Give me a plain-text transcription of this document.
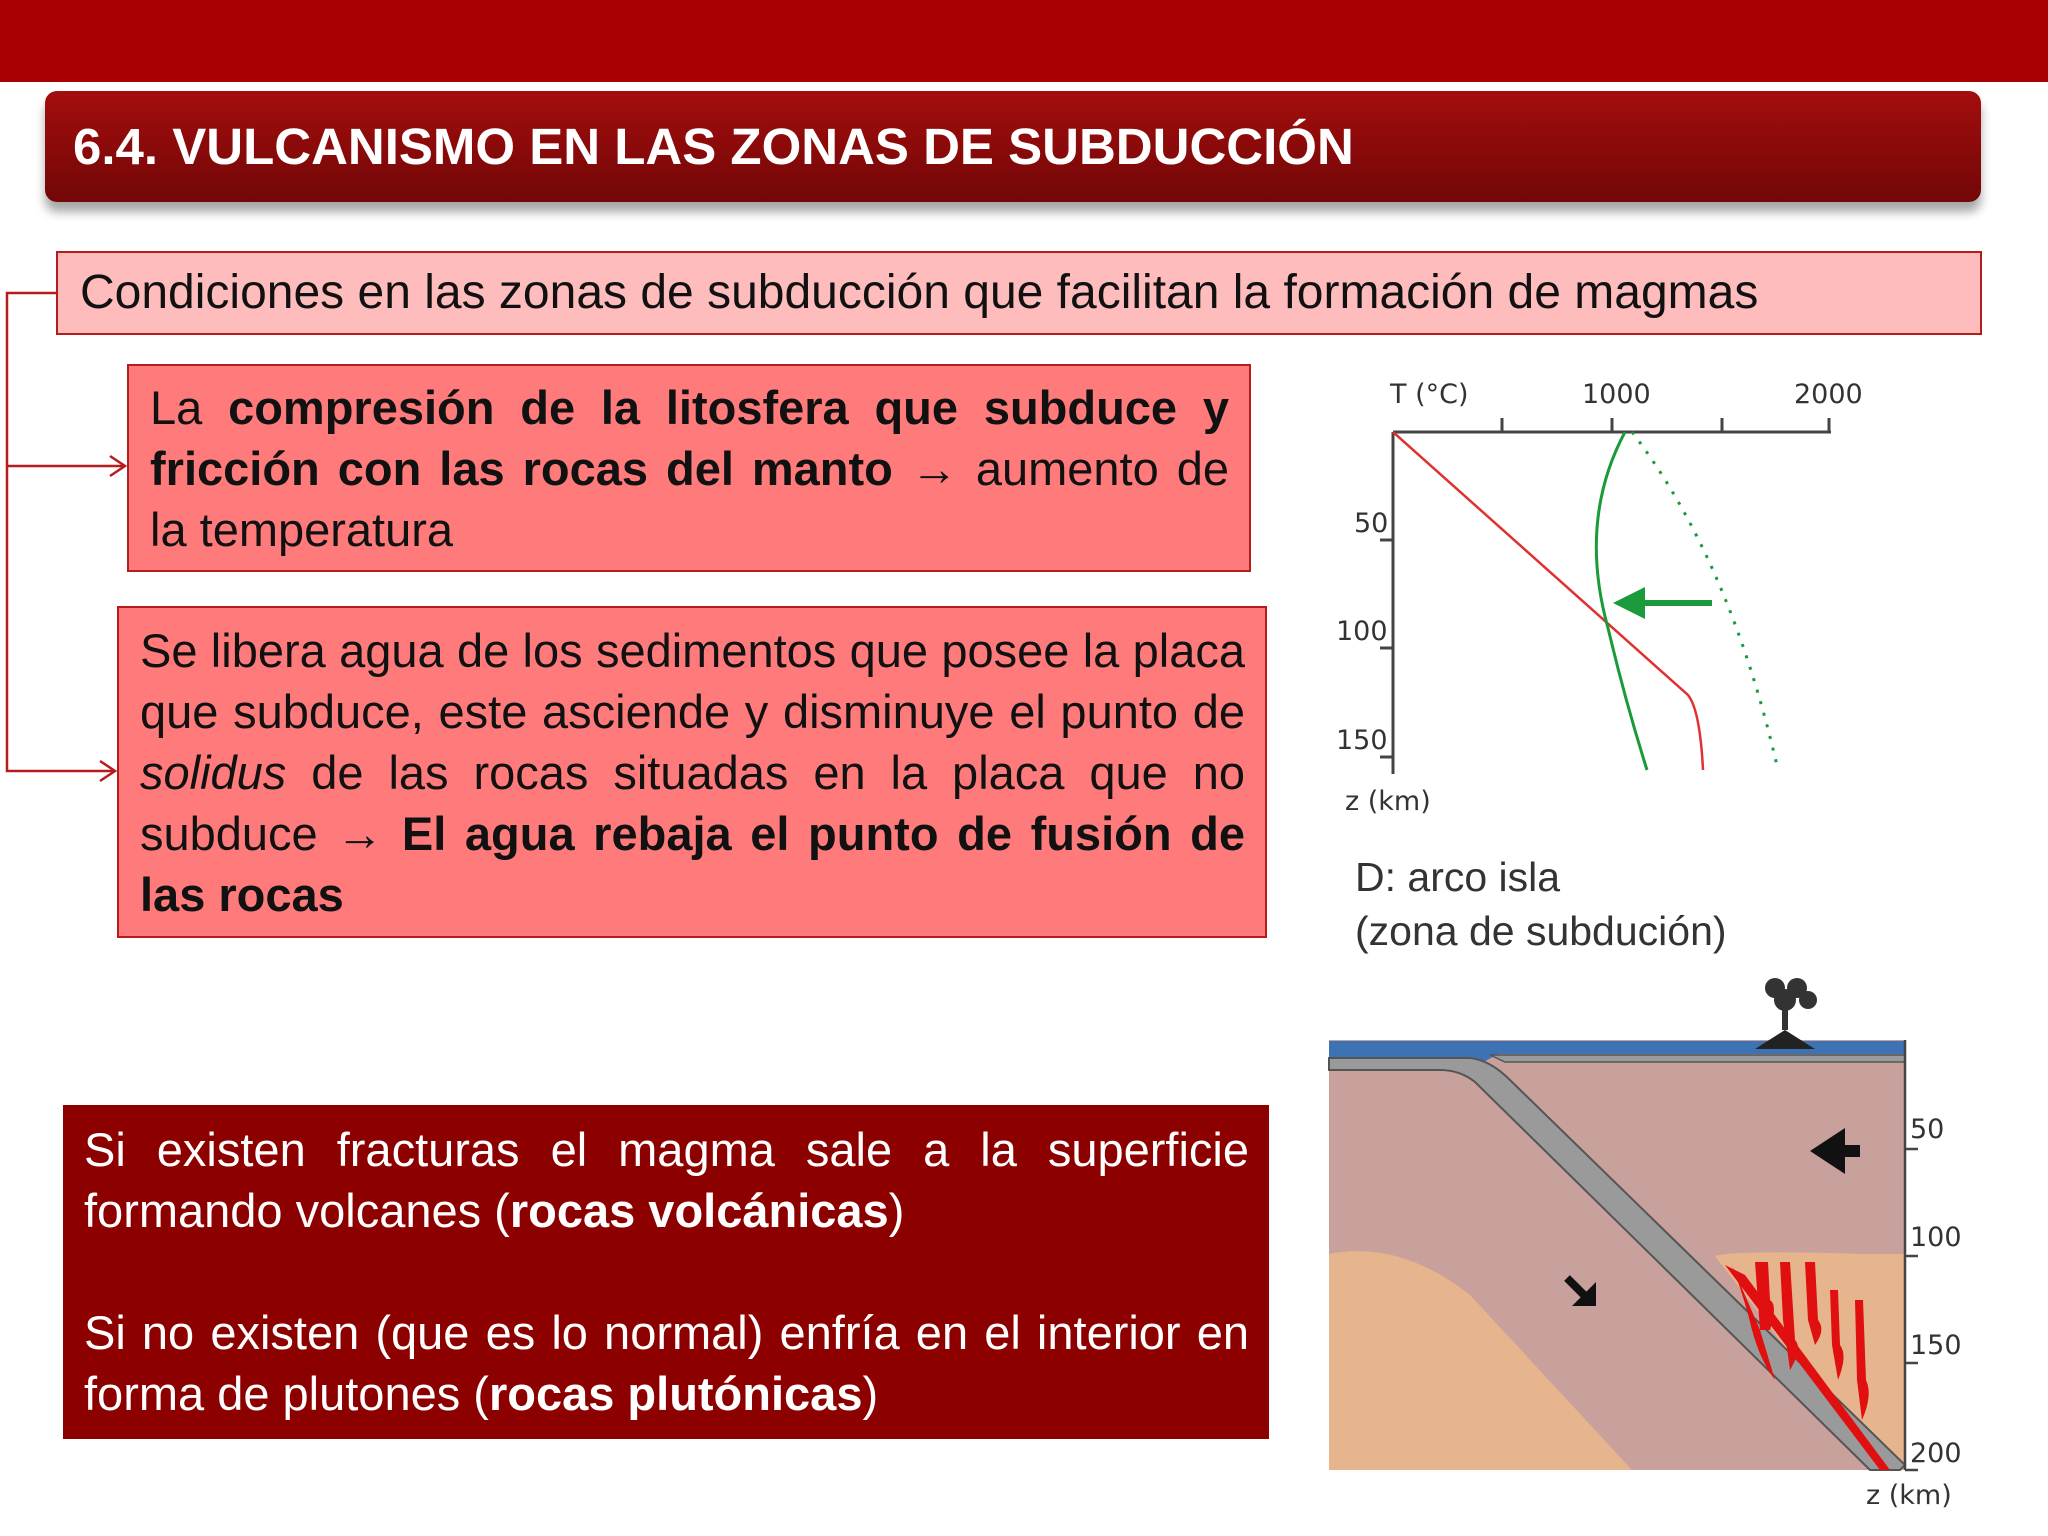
6.4. VULCANISMO EN LAS ZONAS DE SUBDUCCIÓN
Condiciones en las zonas de subducción que facilitan la formación de magmas
La compresión de la litosfera que subduce y fricción con las rocas del manto → aumento de la temperatura
Se libera agua de los sedimentos que posee la placa que subduce, este asciende y disminuye el punto de solidus de las rocas situadas en la placa que no subduce → El agua rebaja el punto de fusión de las rocas

Si existen fracturas el magma sale a la superficie formando volcanes (rocas volcánicas)

Si no existen (que es lo normal) enfría en el interior en forma de plutones (rocas plutónicas)

T (°C)	1000	2000
50
100
150
z (km)
D: arco isla
(zona de subdución)
50
100
150
200
z (km)
